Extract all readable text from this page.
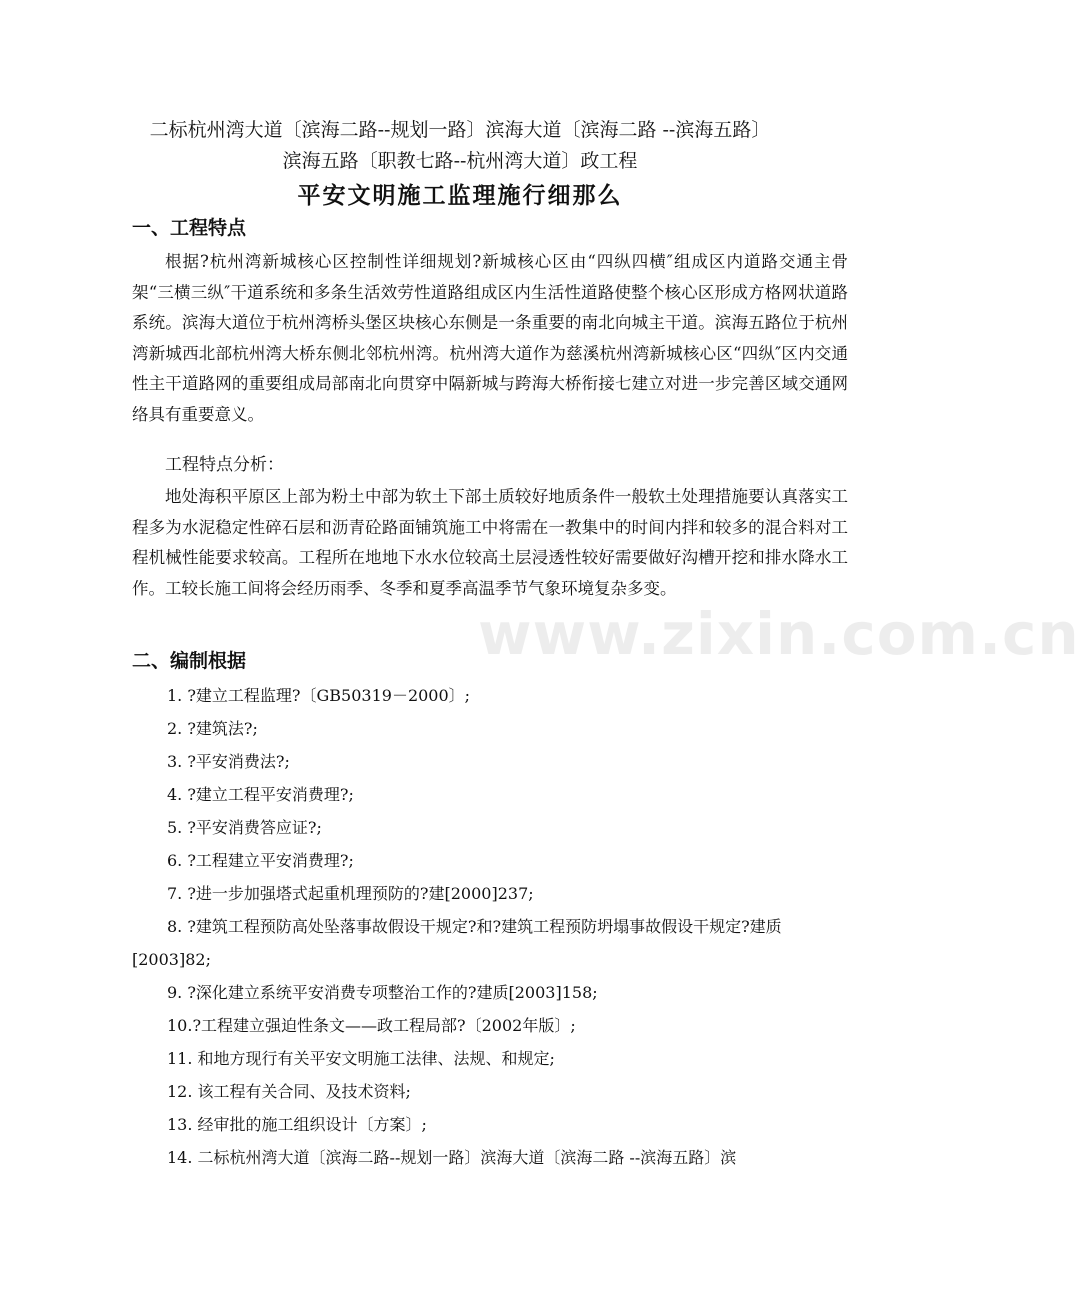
二标杭州湾大道〔滨海二路--规划一路〕滨海大道〔滨海二路 --滨海五路〕
滨海五路〔职教七路--杭州湾大道〕政工程
平安文明施工监理施行细那么
一、工程特点

根据?杭州湾新城核心区控制性详细规划?新城核心区由“四纵四横″组成区内道路交通主骨架“三横三纵″干道系统和多条生活效劳性道路组成区内生活性道路使整个核心区形成方格网状道路系统。滨海大道位于杭州湾桥头堡区块核心东侧是一条重要的南北向城主干道。滨海五路位于杭州湾新城西北部杭州湾大桥东侧北邻杭州湾。杭州湾大道作为慈溪杭州湾新城核心区“四纵″区内交通性主干道路网的重要组成局部南北向贯穿中隔新城与跨海大桥衔接七建立对进一步完善区域交通网络具有重要意义。

工程特点分析：

地处海积平原区上部为粉土中部为软土下部土质较好地质条件一般软土处理措施要认真落实工程多为水泥稳定性碎石层和沥青砼路面铺筑施工中将需在一教集中的时间内拌和较多的混合料对工程机械性能要求较高。工程所在地地下水水位较高土层浸透性较好需要做好沟槽开挖和排水降水工作。工较长施工间将会经历雨季、冬季和夏季高温季节气象环境复杂多变。

二、编制根据
1. ?建立工程监理?〔GB50319－2000〕;
2. ?建筑法?;
3. ?平安消费法?;
4. ?建立工程平安消费理?;
5. ?平安消费答应证?;
6. ?工程建立平安消费理?;
7. ?进一步加强塔式起重机理预防的?建[2000]237;
8. ?建筑工程预防高处坠落事故假设干规定?和?建筑工程预防坍塌事故假设干规定?建质[2003]82;
9. ?深化建立系统平安消费专项整治工作的?建质[2003]158;
10.?工程建立强迫性条文——政工程局部?〔2002年版〕;
11. 和地方现行有关平安文明施工法律、法规、和规定;
12. 该工程有关合同、及技术资料;
13. 经审批的施工组织设计〔方案〕;
14. 二标杭州湾大道〔滨海二路--规划一路〕滨海大道〔滨海二路 --滨海五路〕滨
www.zixin.com.cn
